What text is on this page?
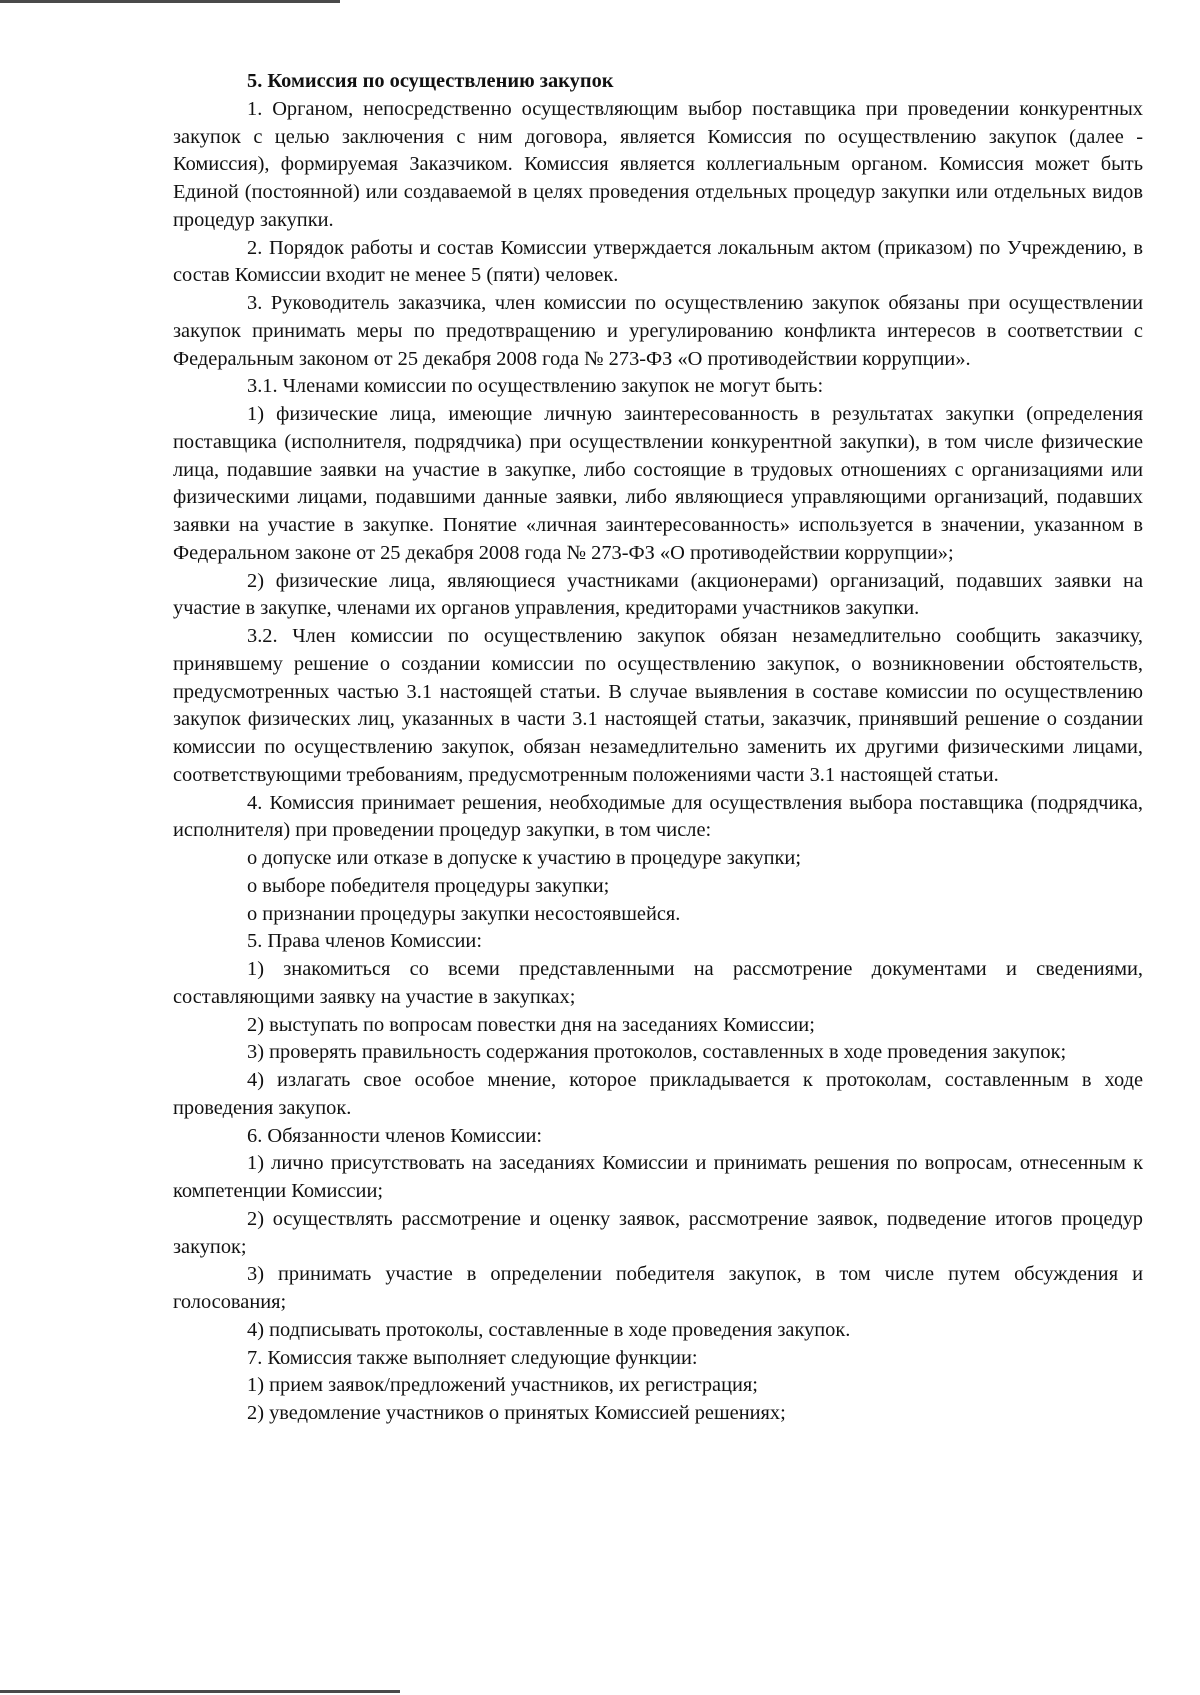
5. Комиссия по осуществлению закупок

1. Органом, непосредственно осуществляющим выбор поставщика при проведении конкурентных закупок с целью заключения с ним договора, является Комиссия по осуществлению закупок (далее - Комиссия), формируемая Заказчиком. Комиссия является коллегиальным органом. Комиссия может быть Единой (постоянной) или создаваемой в целях проведения отдельных процедур закупки или отдельных видов процедур закупки.

2. Порядок работы и состав Комиссии утверждается локальным актом (приказом) по Учреждению, в состав Комиссии входит не менее 5 (пяти) человек.

3. Руководитель заказчика, член комиссии по осуществлению закупок обязаны при осуществлении закупок принимать меры по предотвращению и урегулированию конфликта интересов в соответствии с Федеральным законом от 25 декабря 2008 года № 273-ФЗ «О противодействии коррупции».

3.1. Членами комиссии по осуществлению закупок не могут быть:

1) физические лица, имеющие личную заинтересованность в результатах закупки (определения поставщика (исполнителя, подрядчика) при осуществлении конкурентной закупки), в том числе физические лица, подавшие заявки на участие в закупке, либо состоящие в трудовых отношениях с организациями или физическими лицами, подавшими данные заявки, либо являющиеся управляющими организаций, подавших заявки на участие в закупке. Понятие «личная заинтересованность» используется в значении, указанном в Федеральном законе от 25 декабря 2008 года № 273-ФЗ «О противодействии коррупции»;

2) физические лица, являющиеся участниками (акционерами) организаций, подавших заявки на участие в закупке, членами их органов управления, кредиторами участников закупки.

3.2. Член комиссии по осуществлению закупок обязан незамедлительно сообщить заказчику, принявшему решение о создании комиссии по осуществлению закупок, о возникновении обстоятельств, предусмотренных частью 3.1 настоящей статьи. В случае выявления в составе комиссии по осуществлению закупок физических лиц, указанных в части 3.1 настоящей статьи, заказчик, принявший решение о создании комиссии по осуществлению закупок, обязан незамедлительно заменить их другими физическими лицами, соответствующими требованиям, предусмотренным положениями части 3.1 настоящей статьи.

4. Комиссия принимает решения, необходимые для осуществления выбора поставщика (подрядчика, исполнителя) при проведении процедур закупки, в том числе:

о допуске или отказе в допуске к участию в процедуре закупки;

о выборе победителя процедуры закупки;

о признании процедуры закупки несостоявшейся.

5. Права членов Комиссии:

1) знакомиться со всеми представленными на рассмотрение документами и сведениями, составляющими заявку на участие в закупках;

2) выступать по вопросам повестки дня на заседаниях Комиссии;

3) проверять правильность содержания протоколов, составленных в ходе проведения закупок;

4) излагать свое особое мнение, которое прикладывается к протоколам, составленным в ходе проведения закупок.

6. Обязанности членов Комиссии:

1) лично присутствовать на заседаниях Комиссии и принимать решения по вопросам, отнесенным к компетенции Комиссии;

2) осуществлять рассмотрение и оценку заявок, рассмотрение заявок, подведение итогов процедур закупок;

3) принимать участие в определении победителя закупок, в том числе путем обсуждения и голосования;

4) подписывать протоколы, составленные в ходе проведения закупок.

7. Комиссия также выполняет следующие функции:

1) прием заявок/предложений участников, их регистрация;

2) уведомление участников о принятых Комиссией решениях;
